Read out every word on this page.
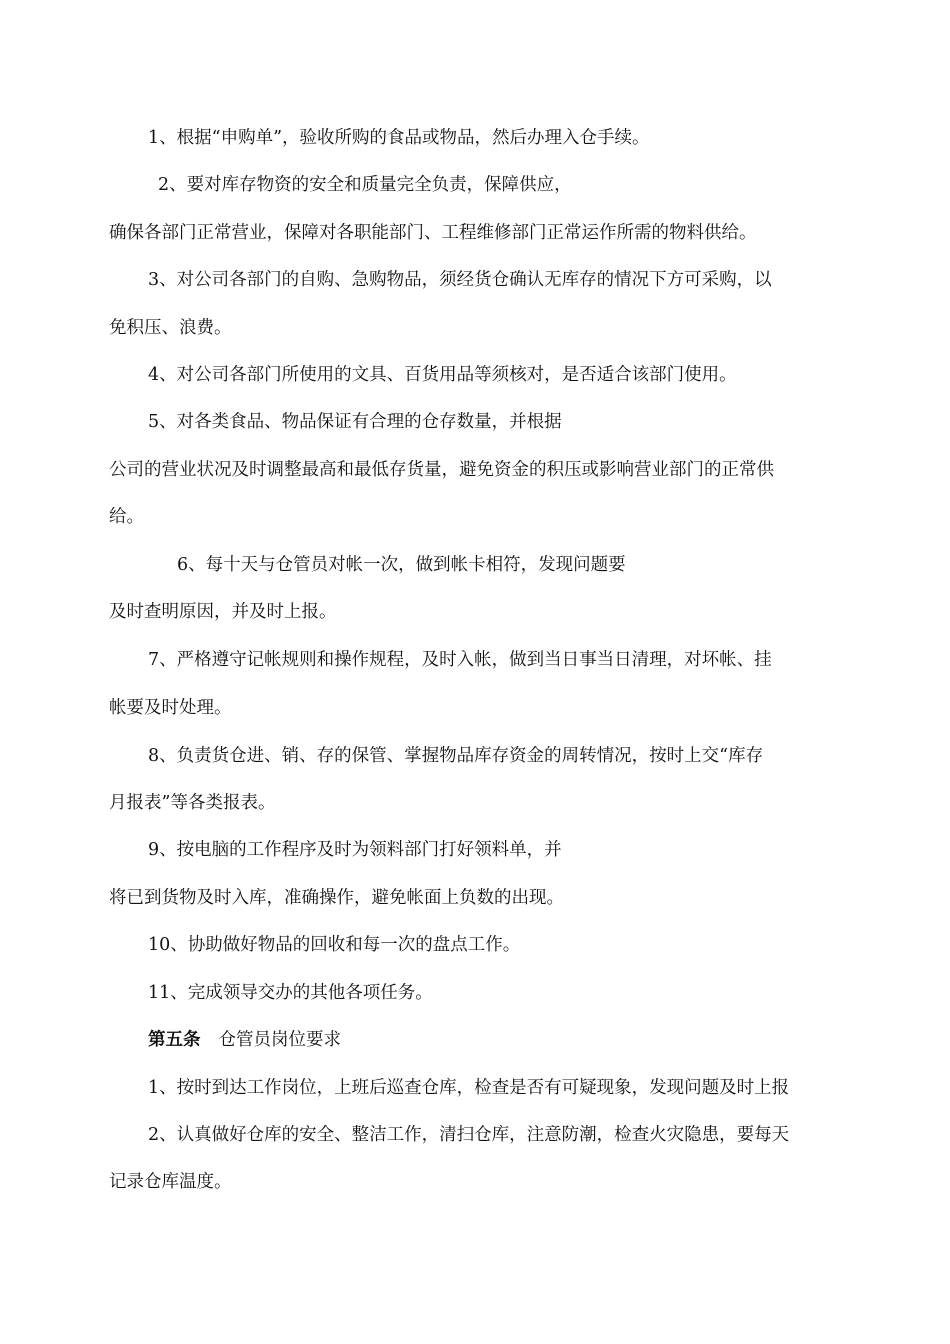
1、根据“申购单”，验收所购的食品或物品，然后办理入仓手续。
2、要对库存物资的安全和质量完全负责，保障供应，
确保各部门正常营业，保障对各职能部门、工程维修部门正常运作所需的物料供给。
3、对公司各部门的自购、急购物品，须经货仓确认无库存的情况下方可采购，以
免积压、浪费。
4、对公司各部门所使用的文具、百货用品等须核对，是否适合该部门使用。
5、对各类食品、物品保证有合理的仓存数量，并根据
公司的营业状况及时调整最高和最低存货量，避免资金的积压或影响营业部门的正常供
给。
6、每十天与仓管员对帐一次，做到帐卡相符，发现问题要
及时查明原因，并及时上报。
7、严格遵守记帐规则和操作规程，及时入帐，做到当日事当日清理，对坏帐、挂
帐要及时处理。
8、负责货仓进、销、存的保管、掌握物品库存资金的周转情况，按时上交“库存
月报表”等各类报表。
9、按电脑的工作程序及时为领料部门打好领料单，并
将已到货物及时入库，准确操作，避免帐面上负数的出现。
10、协助做好物品的回收和每一次的盘点工作。
11、完成领导交办的其他各项任务。
第五条 仓管员岗位要求
1、按时到达工作岗位，上班后巡查仓库，检查是否有可疑现象，发现问题及时上报
2、认真做好仓库的安全、整洁工作，清扫仓库，注意防潮，检查火灾隐患，要每天
记录仓库温度。
